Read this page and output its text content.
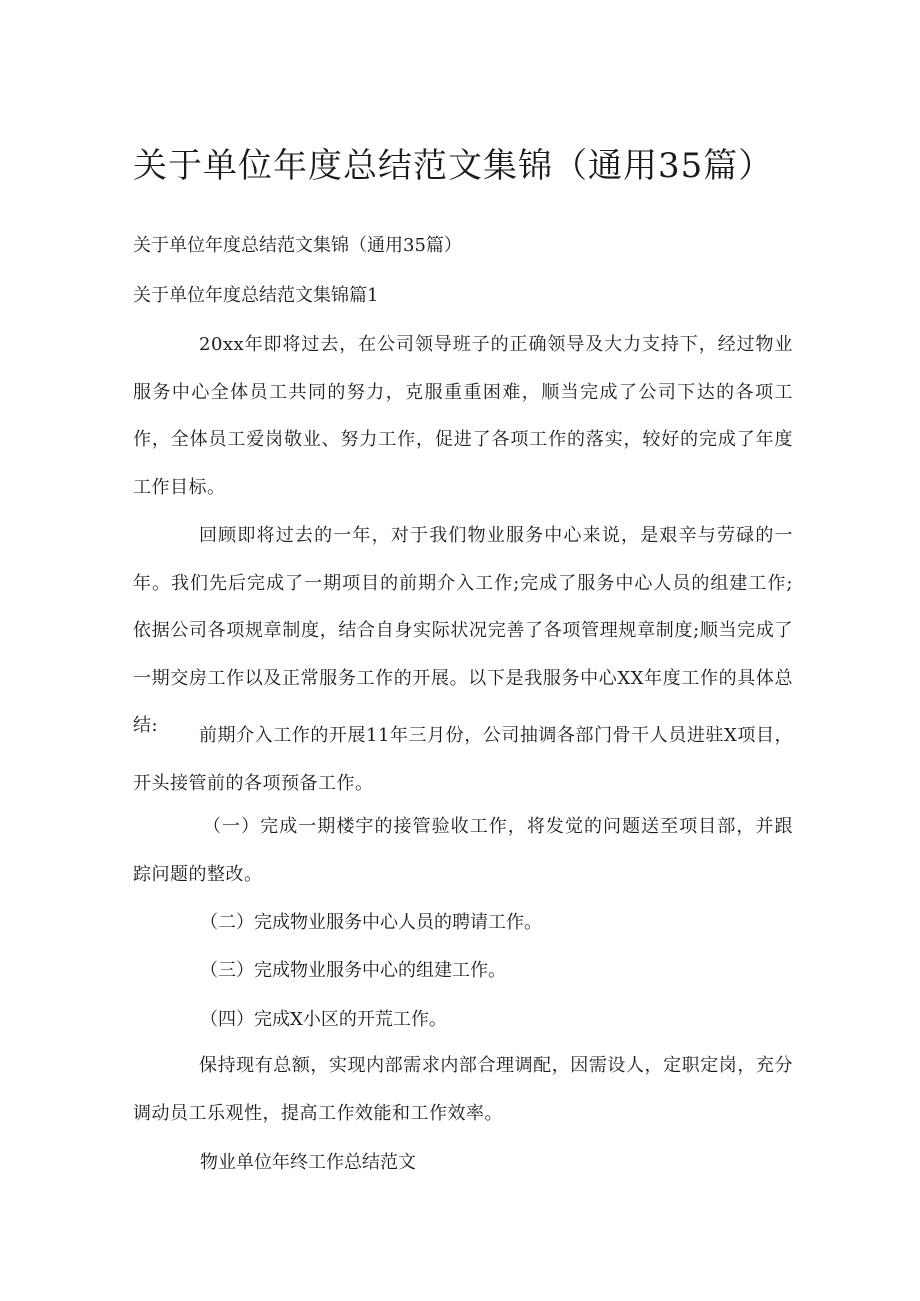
关于单位年度总结范文集锦（通用35篇）

关于单位年度总结范文集锦（通用35篇）

关于单位年度总结范文集锦篇1

20xx年即将过去，在公司领导班子的正确领导及大力支持下，经过物业服务中心全体员工共同的努力，克服重重困难，顺当完成了公司下达的各项工作，全体员工爱岗敬业、努力工作，促进了各项工作的落实，较好的完成了年度工作目标。

回顾即将过去的一年，对于我们物业服务中心来说，是艰辛与劳碌的一年。我们先后完成了一期项目的前期介入工作;完成了服务中心人员的组建工作;依据公司各项规章制度，结合自身实际状况完善了各项管理规章制度;顺当完成了一期交房工作以及正常服务工作的开展。以下是我服务中心XX年度工作的具体总结:	前期介入工作的开展11年三月份，公司抽调各部门骨干人员进驻X项目，开头接管前的各项预备工作。

（一）完成一期楼宇的接管验收工作，将发觉的问题送至项目部，并跟踪问题的整改。

（二）完成物业服务中心人员的聘请工作。

（三）完成物业服务中心的组建工作。

（四）完成X小区的开荒工作。

保持现有总额，实现内部需求内部合理调配，因需设人，定职定岗，充分调动员工乐观性，提高工作效能和工作效率。

物业单位年终工作总结范文
